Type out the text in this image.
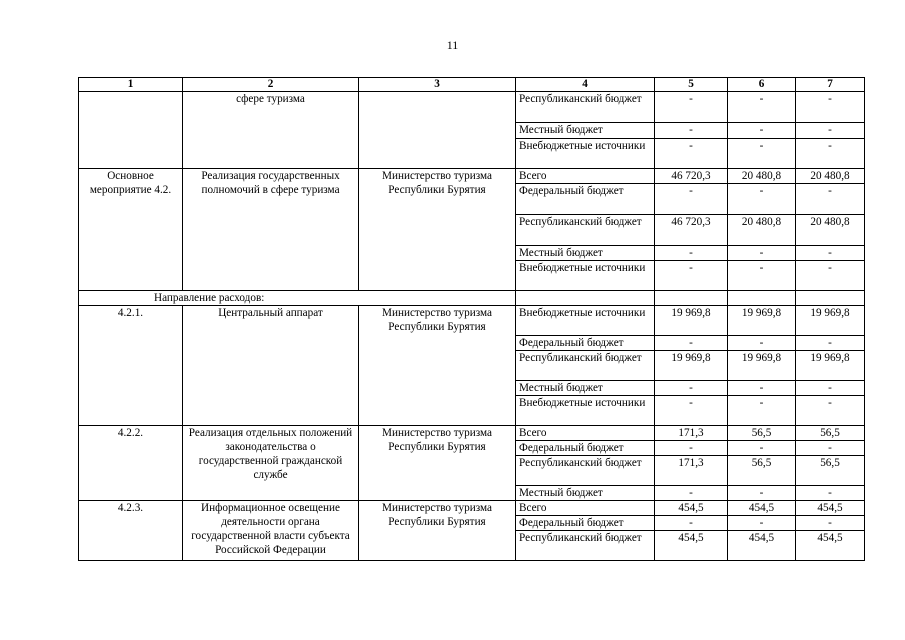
11
1	2	3	4	5	6	7
	сфере туризма		Республиканский бюджет	-	-	-
			Местный бюджет	-	-	-
			Внебюджетные источники	-	-	-
Основное мероприятие 4.2.	Реализация государственных полномочий в сфере туризма	Министерство туризма Республики Бурятия	Всего	46 720,3	20 480,8	20 480,8
			Федеральный бюджет	-	-	-
			Республиканский бюджет	46 720,3	20 480,8	20 480,8
			Местный бюджет	-	-	-
			Внебюджетные источники	-	-	-
Направление расходов:						
4.2.1.	Центральный аппарат	Министерство туризма Республики Бурятия	Внебюджетные источники	19 969,8	19 969,8	19 969,8
			Федеральный бюджет	-	-	-
			Республиканский бюджет	19 969,8	19 969,8	19 969,8
			Местный бюджет	-	-	-
			Внебюджетные источники	-	-	-
4.2.2.	Реализация отдельных положений законодательства о государственной гражданской службе	Министерство туризма Республики Бурятия	Всего	171,3	56,5	56,5
			Федеральный бюджет	-	-	-
			Республиканский бюджет	171,3	56,5	56,5
			Местный бюджет	-	-	-
4.2.3.	Информационное освещение деятельности органа государственной власти субъекта Российской Федерации	Министерство туризма Республики Бурятия	Всего	454,5	454,5	454,5
			Федеральный бюджет	-	-	-
			Республиканский бюджет	454,5	454,5	454,5
